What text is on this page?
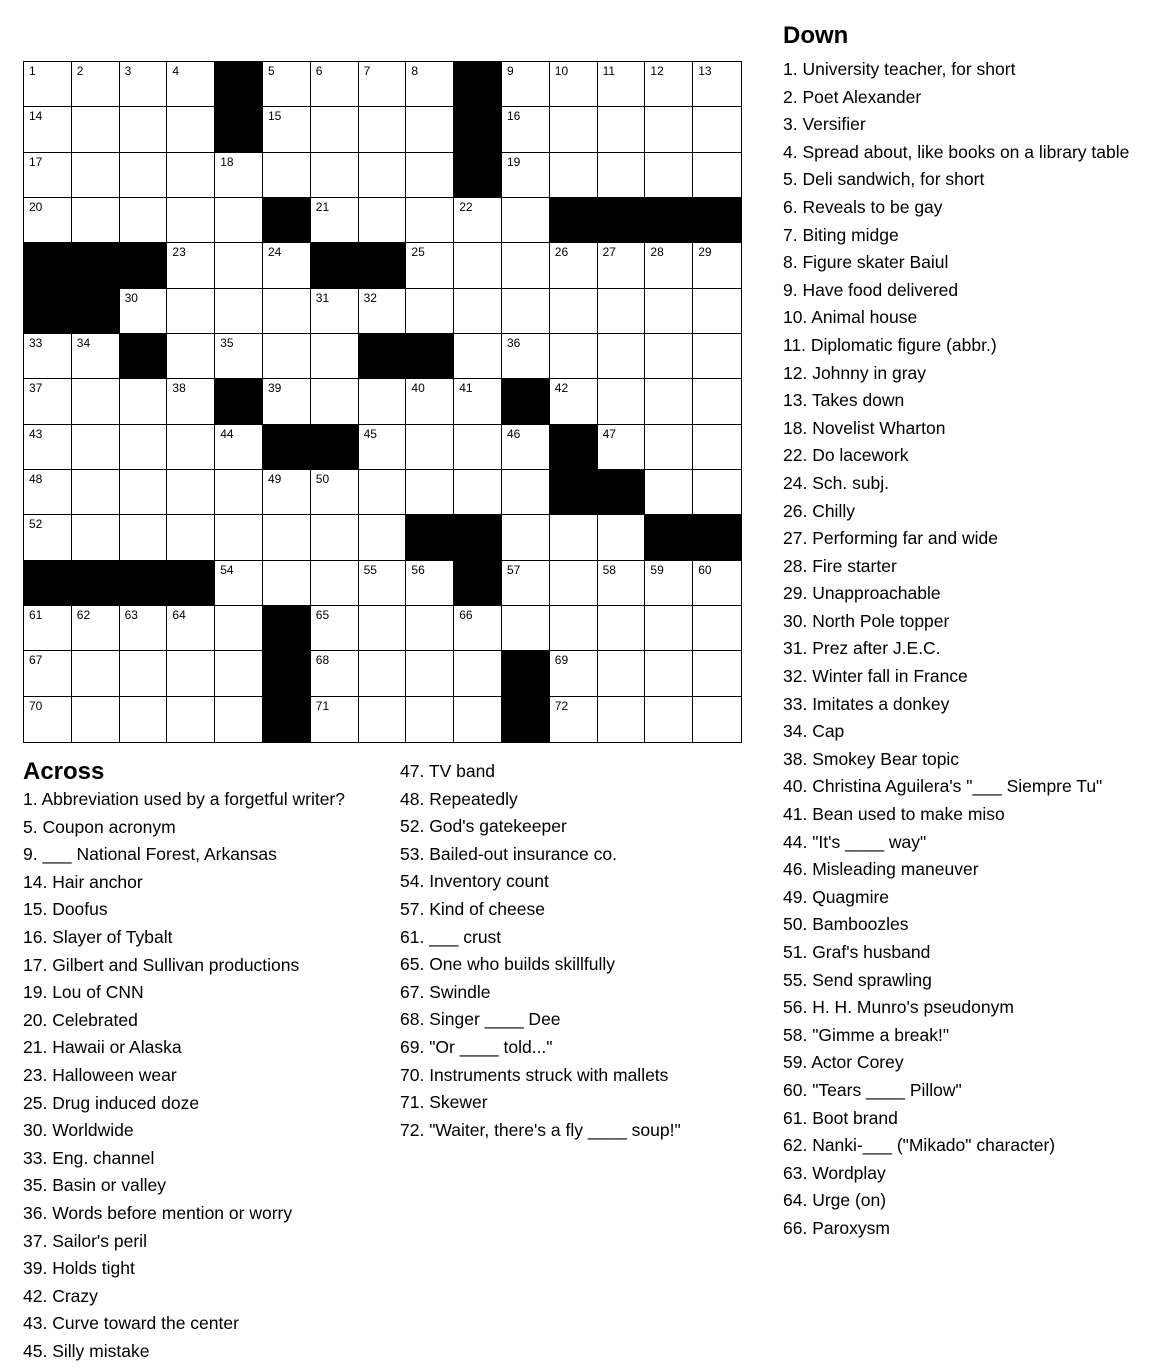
1	2	3	4	5	6	7	8	9	10	11	12	13
14	15	16
17	18	19
20	21	22
23	24	25	26	27	28	29
30	31	32
33	34	35	36
37	38	39	40	41	42
43	44	45	46	47
48	49	50
52
54	55	56	57	58	59	60
61	62	63	64	65	66
67	68	69
70	71	72
Across
1. Abbreviation used by a forgetful writer?
5. Coupon acronym
9. ___ National Forest, Arkansas
14. Hair anchor
15. Doofus
16. Slayer of Tybalt
17. Gilbert and Sullivan productions
19. Lou of CNN
20. Celebrated
21. Hawaii or Alaska
23. Halloween wear
25. Drug induced doze
30. Worldwide
33. Eng. channel
35. Basin or valley
36. Words before mention or worry
37. Sailor's peril
39. Holds tight
42. Crazy
43. Curve toward the center
45. Silly mistake
47. TV band
48. Repeatedly
52. God's gatekeeper
53. Bailed-out insurance co.
54. Inventory count
57. Kind of cheese
61. ___ crust
65. One who builds skillfully
67. Swindle
68. Singer ____ Dee
69. "Or ____ told..."
70. Instruments struck with mallets
71. Skewer
72. "Waiter, there's a fly ____ soup!"
Down
1. University teacher, for short
2. Poet Alexander
3. Versifier
4. Spread about, like books on a library table
5. Deli sandwich, for short
6. Reveals to be gay
7. Biting midge
8. Figure skater Baiul
9. Have food delivered
10. Animal house
11. Diplomatic figure (abbr.)
12. Johnny in gray
13. Takes down
18. Novelist Wharton
22. Do lacework
24. Sch. subj.
26. Chilly
27. Performing far and wide
28. Fire starter
29. Unapproachable
30. North Pole topper
31. Prez after J.E.C.
32. Winter fall in France
33. Imitates a donkey
34. Cap
38. Smokey Bear topic
40. Christina Aguilera's "___ Siempre Tu"
41. Bean used to make miso
44. "It's ____ way"
46. Misleading maneuver
49. Quagmire
50. Bamboozles
51. Graf's husband
55. Send sprawling
56. H. H. Munro's pseudonym
58. "Gimme a break!"
59. Actor Corey
60. "Tears ____ Pillow"
61. Boot brand
62. Nanki-___ ("Mikado" character)
63. Wordplay
64. Urge (on)
66. Paroxysm
